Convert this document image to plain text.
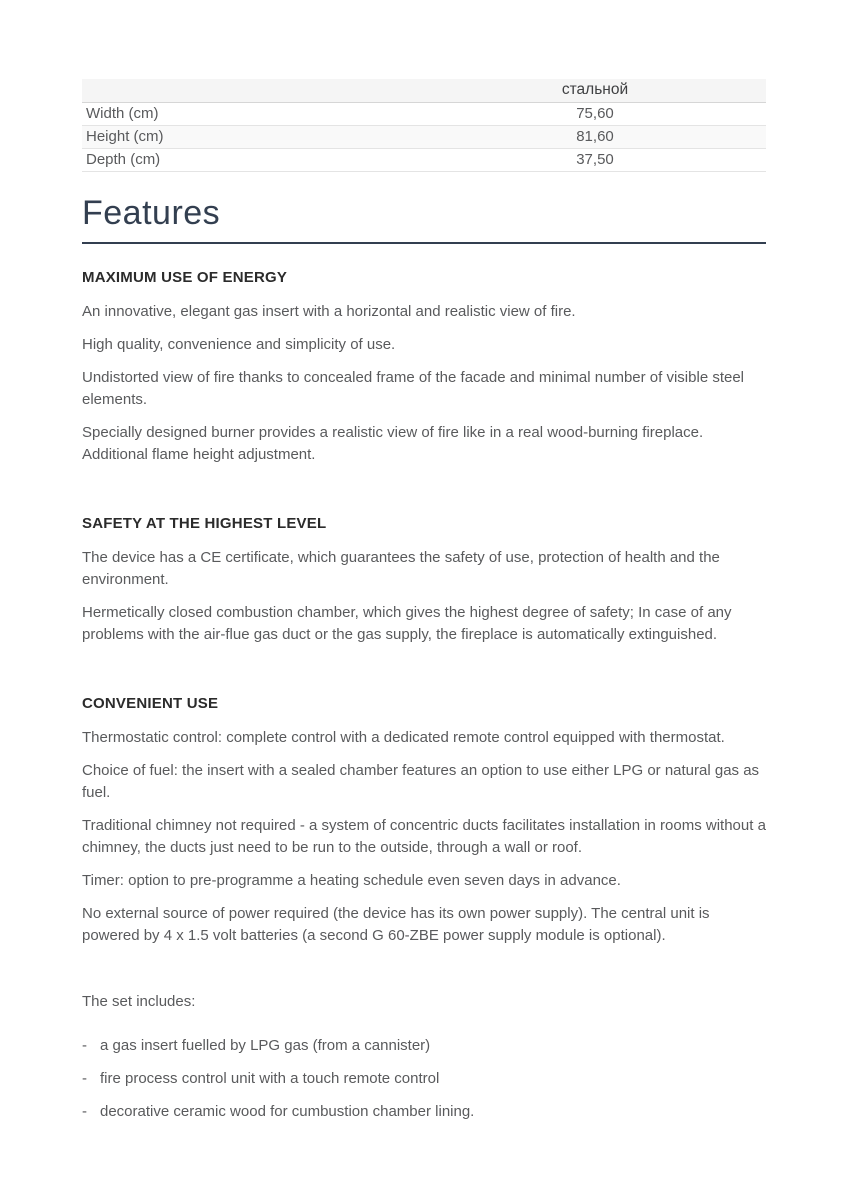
	стальной
Width (cm)	75,60
Height (cm)	81,60
Depth (cm)	37,50
Features
MAXIMUM USE OF ENERGY

An innovative, elegant gas insert with a horizontal and realistic view of fire.

High quality, convenience and simplicity of use.

Undistorted view of fire thanks to concealed frame of the facade and minimal number of visible steel elements.

Specially designed burner provides a realistic view of fire like in a real wood-burning fireplace. Additional flame height adjustment.

SAFETY AT THE HIGHEST LEVEL

The device has a CE certificate, which guarantees the safety of use, protection of health and the environment.

Hermetically closed combustion chamber, which gives the highest degree of safety; In case of any problems with the air-flue gas duct or the gas supply, the fireplace is automatically extinguished.

CONVENIENT USE

Thermostatic control: complete control with a dedicated remote control equipped with thermostat.

Choice of fuel: the insert with a sealed chamber features an option to use either LPG or natural gas as fuel.

Traditional chimney not required - a system of concentric ducts facilitates installation in rooms without a chimney, the ducts just need to be run to the outside, through a wall or roof.

Timer: option to pre-programme a heating schedule even seven days in advance.

No external source of power required (the device has its own power supply). The central unit is powered by 4 x 1.5 volt batteries (a second G 60-ZBE power supply module is optional).

The set includes:

- a gas insert fuelled by LPG gas (from a cannister)
- fire process control unit with a touch remote control
- decorative ceramic wood for cumbustion chamber lining.
